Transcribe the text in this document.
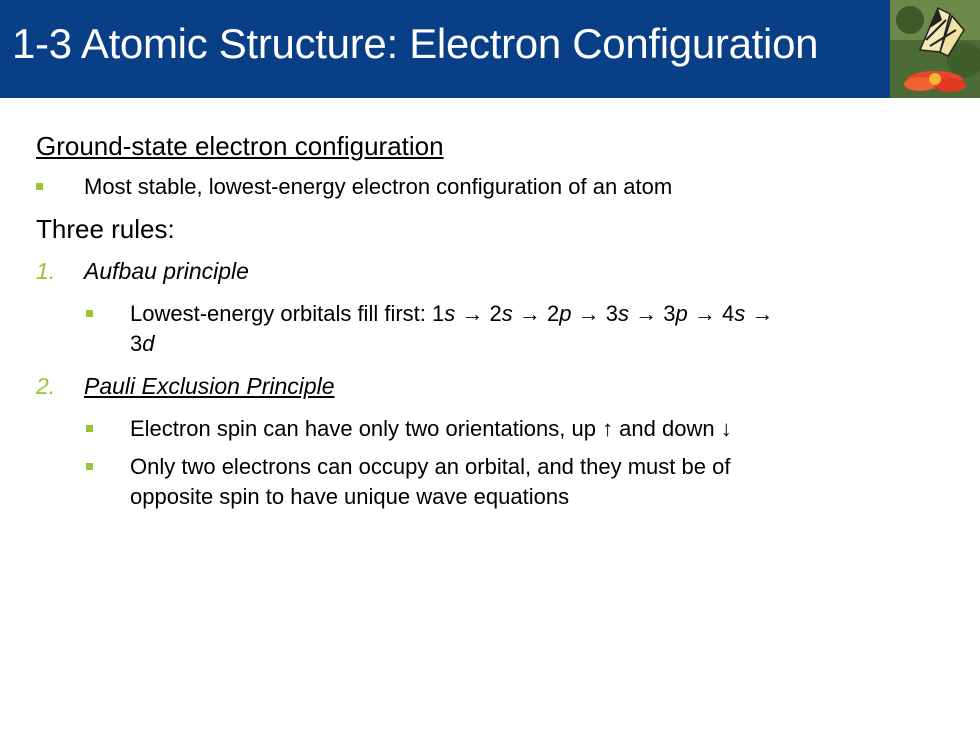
1-3 Atomic Structure: Electron Configuration
Ground-state electron configuration
Most stable, lowest-energy electron configuration of an atom
Three rules:
1. Aufbau principle
Lowest-energy orbitals fill first: 1s → 2s → 2p → 3s → 3p → 4s →
3d
2. Pauli Exclusion Principle
Electron spin can have only two orientations, up ↑ and down ↓
Only two electrons can occupy an orbital, and they must be of
opposite spin to have unique wave equations
